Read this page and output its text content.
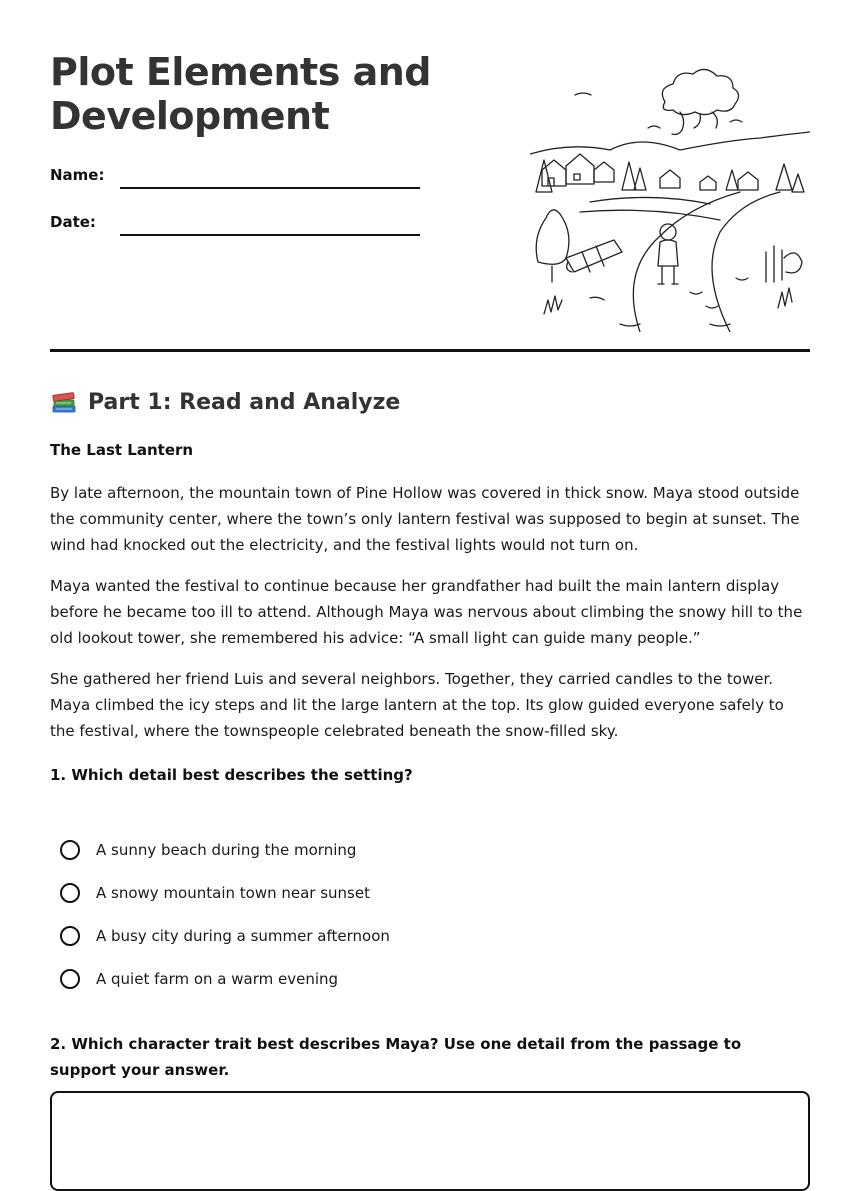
Plot Elements and Development
Name:
Date:
Part 1: Read and Analyze

The Last Lantern

By late afternoon, the mountain town of Pine Hollow was covered in thick snow. Maya stood outside the community center, where the town’s only lantern festival was supposed to begin at sunset. The wind had knocked out the electricity, and the festival lights would not turn on.

Maya wanted the festival to continue because her grandfather had built the main lantern display before he became too ill to attend. Although Maya was nervous about climbing the snowy hill to the old lookout tower, she remembered his advice: “A small light can guide many people.”

She gathered her friend Luis and several neighbors. Together, they carried candles to the tower. Maya climbed the icy steps and lit the large lantern at the top. Its glow guided everyone safely to the festival, where the townspeople celebrated beneath the snow-filled sky.

1. Which detail best describes the setting?

A sunny beach during the morning
A snowy mountain town near sunset
A busy city during a summer afternoon
A quiet farm on a warm evening

2. Which character trait best describes Maya? Use one detail from the passage to support your answer.
